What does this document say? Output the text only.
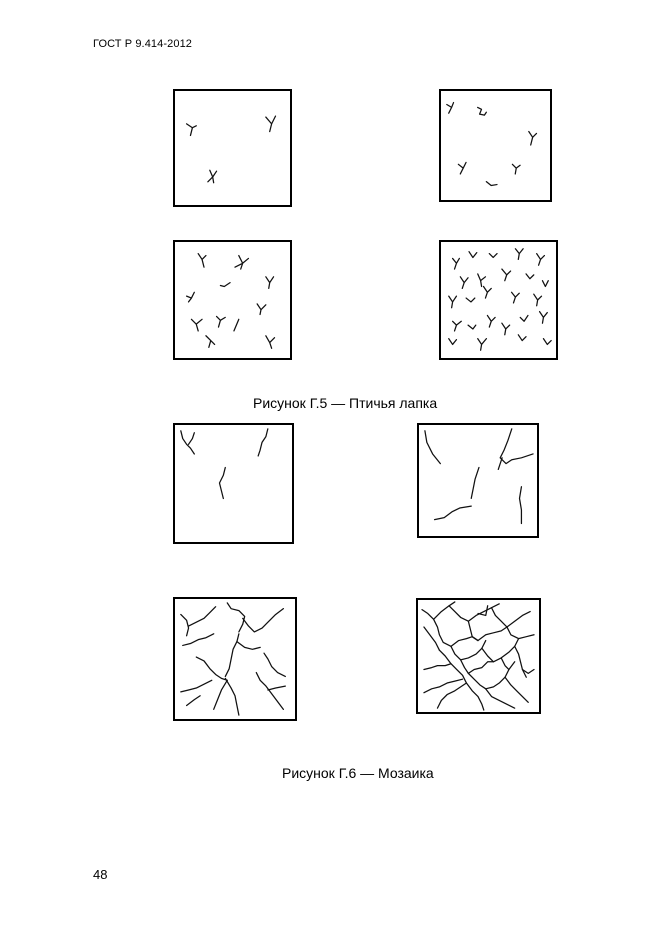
ГОСТ Р 9.414-2012
Рисунок Г.5 — Птичья лапка
Рисунок Г.6 — Мозаика
48
